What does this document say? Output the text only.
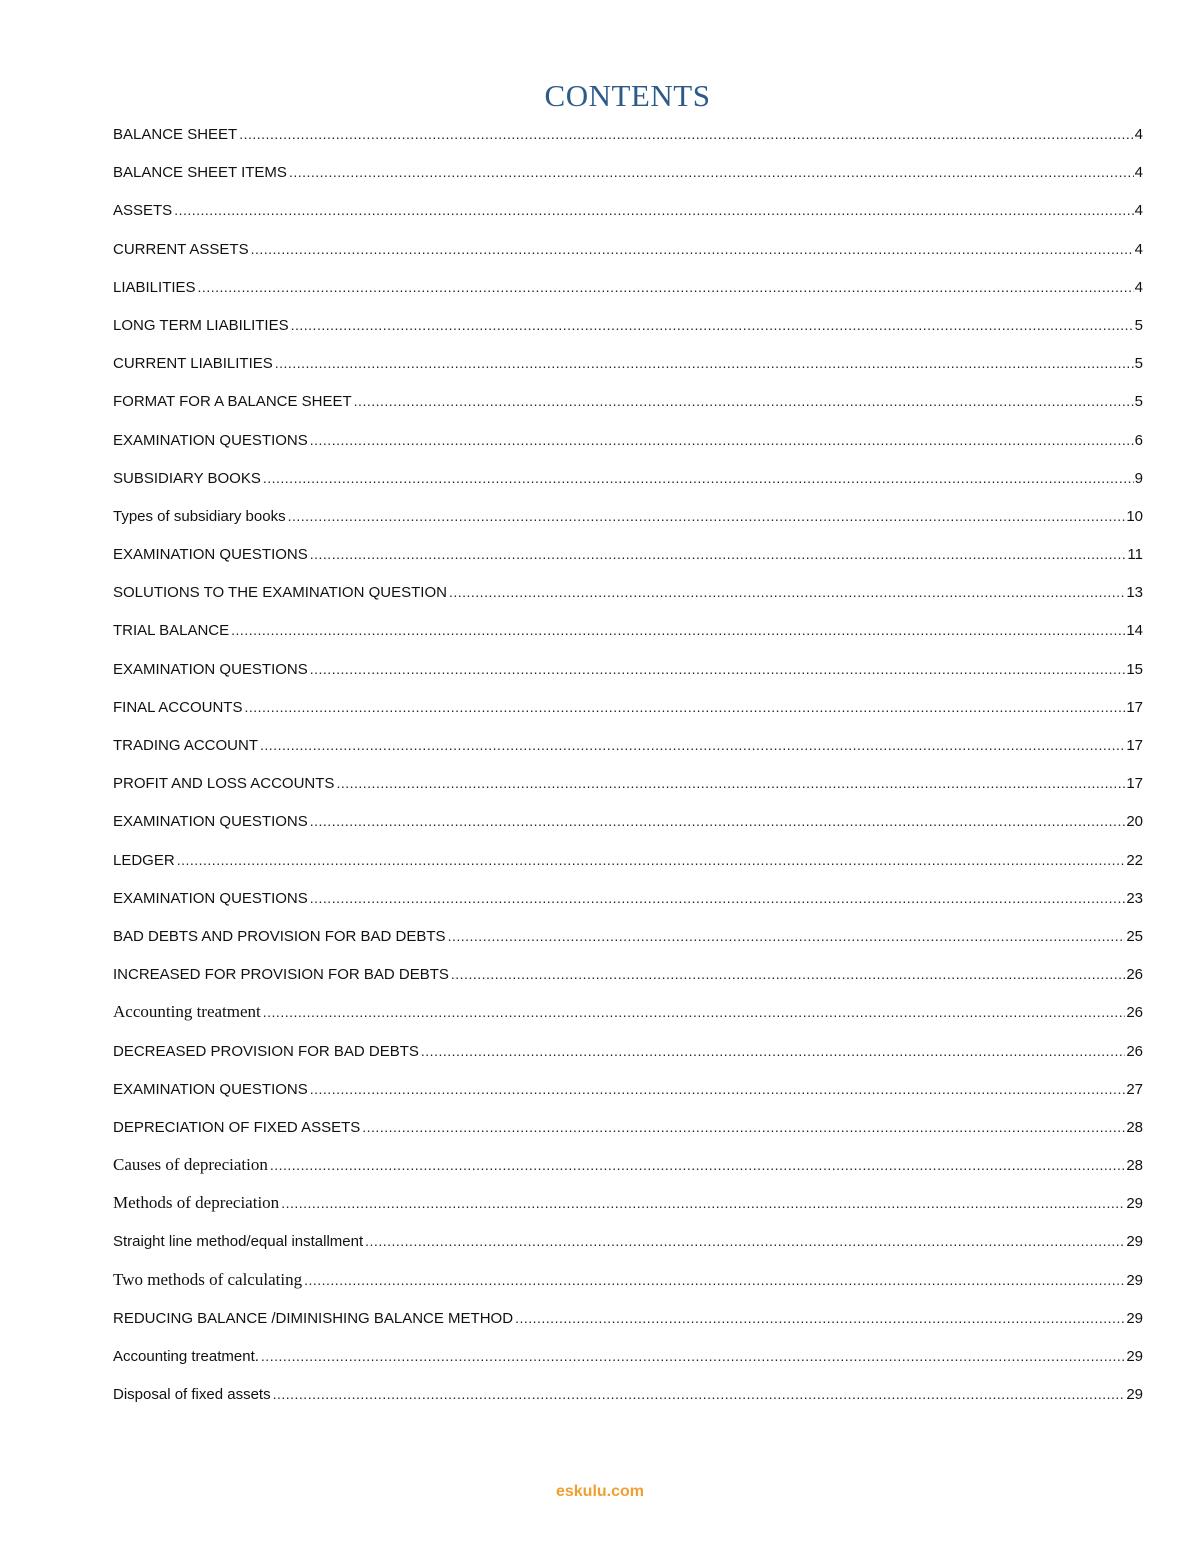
CONTENTS
BALANCE SHEET .....	4
BALANCE SHEET ITEMS .....	4
ASSETS .....	4
CURRENT ASSETS .....	4
LIABILITIES .....	4
LONG TERM LIABILITIES .....	5
CURRENT LIABILITIES .....	5
FORMAT FOR A BALANCE SHEET .....	5
EXAMINATION QUESTIONS .....	6
SUBSIDIARY BOOKS .....	9
Types of subsidiary books .....	10
EXAMINATION QUESTIONS .....	11
SOLUTIONS TO THE EXAMINATION QUESTION .....	13
TRIAL BALANCE .....	14
EXAMINATION QUESTIONS .....	15
FINAL ACCOUNTS .....	17
TRADING ACCOUNT .....	17
PROFIT AND LOSS ACCOUNTS .....	17
EXAMINATION QUESTIONS .....	20
LEDGER .....	22
EXAMINATION QUESTIONS .....	23
BAD DEBTS AND PROVISION FOR BAD DEBTS .....	25
INCREASED FOR PROVISION FOR BAD DEBTS .....	26
Accounting treatment .....	26
DECREASED PROVISION FOR BAD DEBTS .....	26
EXAMINATION QUESTIONS .....	27
DEPRECIATION OF FIXED ASSETS .....	28
Causes of depreciation .....	28
Methods of depreciation .....	29
Straight line method/equal installment .....	29
Two methods of calculating .....	29
REDUCING BALANCE /DIMINISHING BALANCE METHOD .....	29
Accounting treatment. .....	29
Disposal of fixed assets .....	29
eskulu.com
